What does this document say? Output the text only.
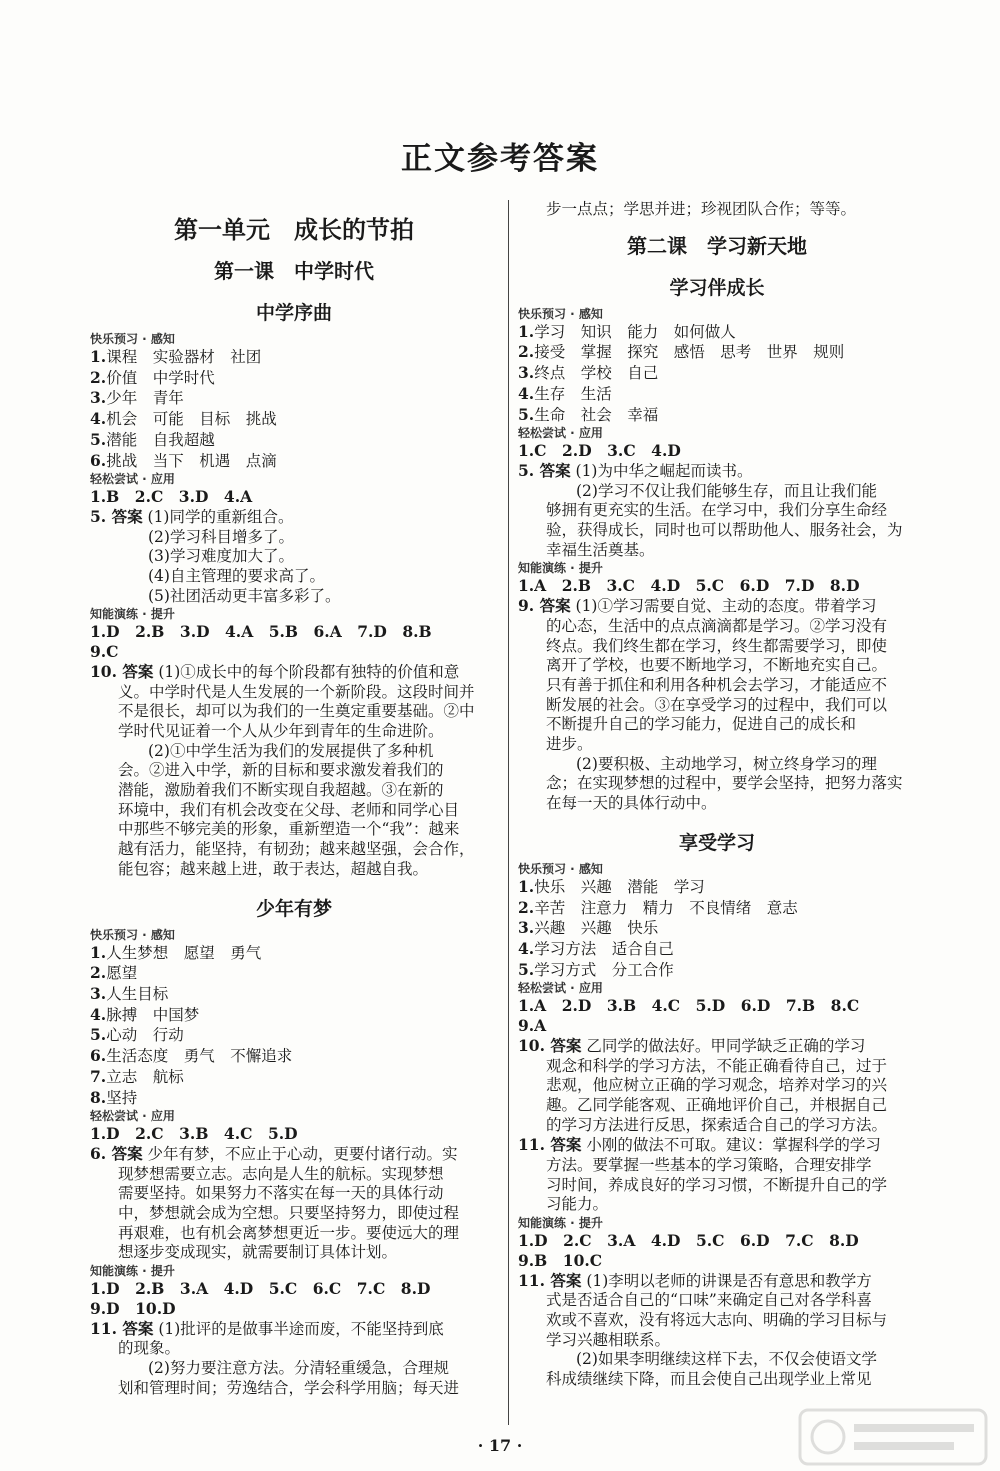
正文参考答案
第一单元　成长的节拍
第一课　中学时代
中学序曲
快乐预习 · 感知
1.课程　实验器材　社团
2.价值　中学时代
3.少年　青年
4.机会　可能　目标　挑战
5.潜能　自我超越
6.挑战　当下　机遇　点滴
轻松尝试 · 应用
1.B　2.C　3.D　4.A
5. 答案 (1)同学的重新组合。
(2)学习科目增多了。
(3)学习难度加大了。
(4)自主管理的要求高了。
(5)社团活动更丰富多彩了。
知能演练 · 提升
1.D　2.B　3.D　4.A　5.B　6.A　7.D　8.B
9.C
10. 答案 (1)①成长中的每个阶段都有独特的价值和意
义。中学时代是人生发展的一个新阶段。这段时间并
不是很长，却可以为我们的一生奠定重要基础。②中
学时代见证着一个人从少年到青年的生命进阶。
(2)①中学生活为我们的发展提供了多种机
会。②进入中学，新的目标和要求激发着我们的
潜能，激励着我们不断实现自我超越。③在新的
环境中，我们有机会改变在父母、老师和同学心目
中那些不够完美的形象，重新塑造一个“我”：越来
越有活力，能坚持，有韧劲；越来越坚强，会合作，
能包容；越来越上进，敢于表达，超越自我。
少年有梦
快乐预习 · 感知
1.人生梦想　愿望　勇气
2.愿望
3.人生目标
4.脉搏　中国梦
5.心动　行动
6.生活态度　勇气　不懈追求
7.立志　航标
8.坚持
轻松尝试 · 应用
1.D　2.C　3.B　4.C　5.D
6. 答案 少年有梦，不应止于心动，更要付诸行动。实
现梦想需要立志。志向是人生的航标。实现梦想
需要坚持。如果努力不落实在每一天的具体行动
中，梦想就会成为空想。只要坚持努力，即使过程
再艰难，也有机会离梦想更近一步。要使远大的理
想逐步变成现实，就需要制订具体计划。
知能演练 · 提升
1.D　2.B　3.A　4.D　5.C　6.C　7.C　8.D
9.D　10.D
11. 答案 (1)批评的是做事半途而废，不能坚持到底
的现象。
(2)努力要注意方法。分清轻重缓急，合理规
划和管理时间；劳逸结合，学会科学用脑；每天进
步一点点；学思并进；珍视团队合作；等等。
第二课　学习新天地
学习伴成长
快乐预习 · 感知
1.学习　知识　能力　如何做人
2.接受　掌握　探究　感悟　思考　世界　规则
3.终点　学校　自己
4.生存　生活
5.生命　社会　幸福
轻松尝试 · 应用
1.C　2.D　3.C　4.D
5. 答案 (1)为中华之崛起而读书。
(2)学习不仅让我们能够生存，而且让我们能
够拥有更充实的生活。在学习中，我们分享生命经
验，获得成长，同时也可以帮助他人、服务社会，为
幸福生活奠基。
知能演练 · 提升
1.A　2.B　3.C　4.D　5.C　6.D　7.D　8.D
9. 答案 (1)①学习需要自觉、主动的态度。带着学习
的心态，生活中的点点滴滴都是学习。②学习没有
终点。我们终生都在学习，终生都需要学习，即使
离开了学校，也要不断地学习，不断地充实自己。
只有善于抓住和利用各种机会去学习，才能适应不
断发展的社会。③在享受学习的过程中，我们可以
不断提升自己的学习能力，促进自己的成长和
进步。
(2)要积极、主动地学习，树立终身学习的理
念；在实现梦想的过程中，要学会坚持，把努力落实
在每一天的具体行动中。
享受学习
快乐预习 · 感知
1.快乐　兴趣　潜能　学习
2.辛苦　注意力　精力　不良情绪　意志
3.兴趣　兴趣　快乐
4.学习方法　适合自己
5.学习方式　分工合作
轻松尝试 · 应用
1.A　2.D　3.B　4.C　5.D　6.D　7.B　8.C
9.A
10. 答案 乙同学的做法好。甲同学缺乏正确的学习
观念和科学的学习方法，不能正确看待自己，过于
悲观，他应树立正确的学习观念，培养对学习的兴
趣。乙同学能客观、正确地评价自己，并根据自己
的学习方法进行反思，探索适合自己的学习方法。
11. 答案 小刚的做法不可取。建议：掌握科学的学习
方法。要掌握一些基本的学习策略，合理安排学
习时间，养成良好的学习习惯，不断提升自己的学
习能力。
知能演练 · 提升
1.D　2.C　3.A　4.D　5.C　6.D　7.C　8.D
9.B　10.C
11. 答案 (1)李明以老师的讲课是否有意思和教学方
式是否适合自己的“口味”来确定自己对各学科喜
欢或不喜欢，没有将远大志向、明确的学习目标与
学习兴趣相联系。
(2)如果李明继续这样下去，不仅会使语文学
科成绩继续下降，而且会使自己出现学业上常见
· 17 ·
